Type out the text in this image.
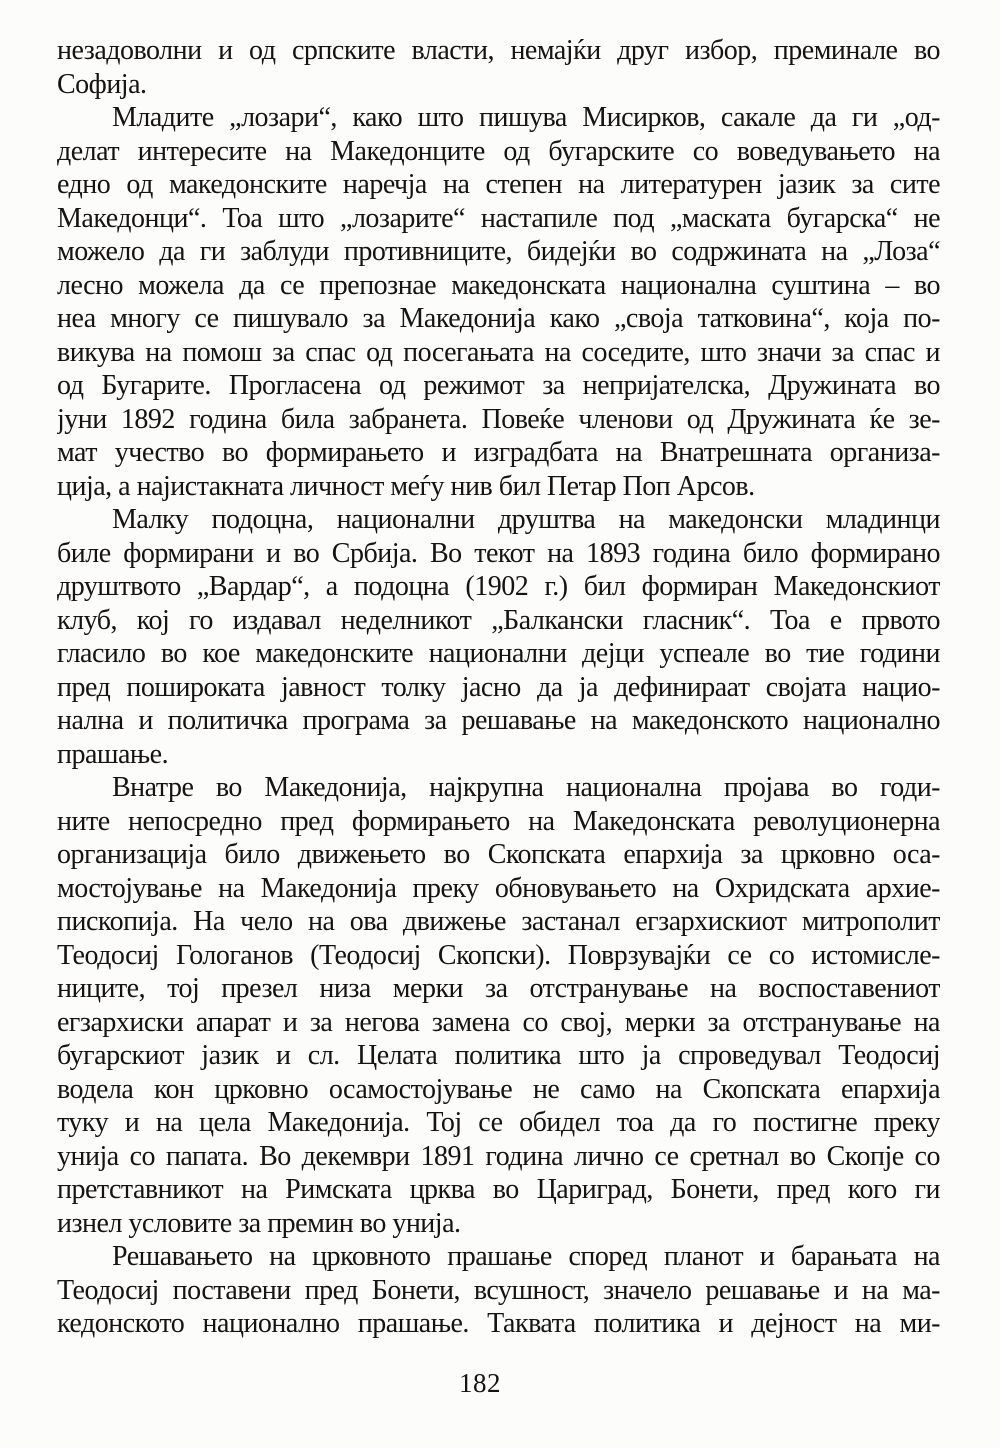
незадоволни и од српските власти, немајќи друг избор, преминале во
Софија.
Младите „лозари“, како што пишува Мисирков, сакале да ги „од-
делат интересите на Македонците од бугарските со воведувањето на
едно од македонските наречја на степен на литературен јазик за сите
Македонци“. Тоа што „лозарите“ настапиле под „маската бугарска“ не
можело да ги заблуди противниците, бидејќи во содржината на „Лоза“
лесно можела да се препознае македонската национална суштина – во
неа многу се пишувало за Македонија како „своја татковина“, која по-
викува на помош за спас од посегањата на соседите, што значи за спас и
од Бугарите. Прогласена од режимот за непријателска, Дружината во
јуни 1892 година била забранета. Повеќе членови од Дружината ќе зе-
мат учество во формирањето и изградбата на Внатрешната организа-
ција, а најистакната личност меѓу нив бил Петар Поп Арсов.
Малку подоцна, национални друштва на македонски младинци
биле формирани и во Србија. Во текот на 1893 година било формирано
друштвото „Вардар“, а подоцна (1902 г.) бил формиран Македонскиот
клуб, кој го издавал неделникот „Балкански гласник“. Тоа е првото
гласило во кое македонските национални дејци успеале во тие години
пред пошироката јавност толку јасно да ја дефинираат својата нацио-
нална и политичка програма за решавање на македонското национално
прашање.
Внатре во Македонија, најкрупна национална пројава во годи-
ните непосредно пред формирањето на Македонската револуционерна
организација било движењето во Скопската епархија за црковно оса-
мостојување на Македонија преку обновувањето на Охридската архие-
пископија. На чело на ова движење застанал егзархискиот митрополит
Теодосиј Гологанов (Теодосиј Скопски). Поврзувајќи се со истомисле-
ниците, тој презел низа мерки за отстранување на воспоставениот
егзархиски апарат и за негова замена со свој, мерки за отстранување на
бугарскиот јазик и сл. Целата политика што ја спроведувал Теодосиј
водела кон црковно осамостојување не само на Скопската епархија
туку и на цела Македонија. Тој се обидел тоа да го постигне преку
унија со папата. Во декември 1891 година лично се сретнал во Скопје со
претставникот на Римската црква во Цариград, Бонети, пред кого ги
изнел условите за премин во унија.
Решавањето на црковното прашање според планот и барањата на
Теодосиј поставени пред Бонети, всушност, значело решавање и на ма-
кедонското национално прашање. Таквата политика и дејност на ми-
182
